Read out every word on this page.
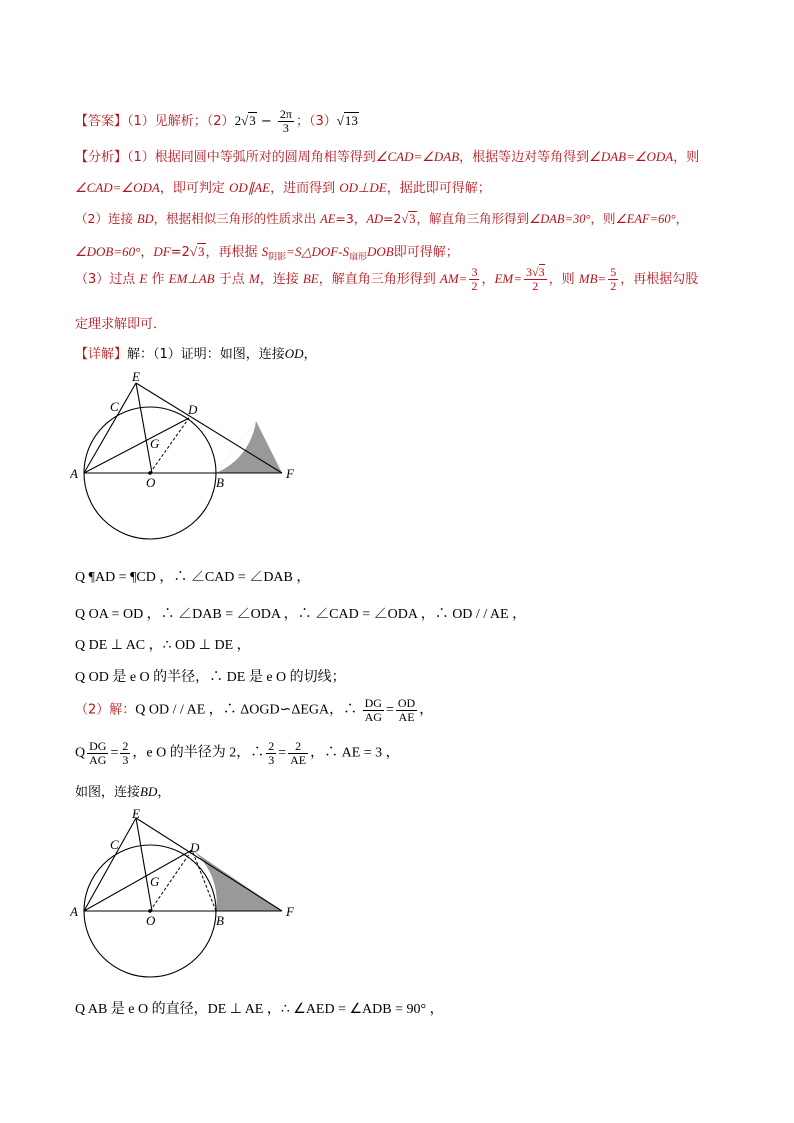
【答案】（1）见解析；$(2)2√3 - \frac{2\pi}{3}$ ；（3）√13
【分析】（1）根据同圆中等弧所对的圆周角相等得到∠CAD=∠DAB，根据等边对等角得到∠DAB=∠ODA，则
∠CAD=∠ODA，即可判定 OD∥AE，进而得到 OD⊥DE，据此即可得解；
（2）连接 BD，根据相似三角形的性质求出 AE=3，AD=2√3，解直角三角形得到∠DAB=30°，则∠EAF=60°，
∠DOB=60°，DF=2√3，再根据 $S_{阴影}=S\triangle DOF-S_{扇形}DOB$即可得解；
（3）过点 E 作 EM⊥AB 于点 M，连接 BE，解直角三角形得到 $AM= \frac{3}{2}$ ，$EM= \frac{3√3}{2}$ ，则 $MB= \frac{5}{2}$ ，再根据勾股
定理求解即可．
【详解】解：（1）证明：如图，连接OD，
A
B
C	D
E
F
G
O
Q ¶AD = ¶CD ，∴ ∠CAD = ∠DAB ，
Q OA = OD ，∴ ∠DAB = ∠ODA ，∴ ∠CAD = ∠ODA ，∴ OD / / AE ，
Q DE ⊥ AC ，∴ OD ⊥ DE ，
Q OD 是 e O 的半径，∴ DE 是 e O 的切线；
（2）解：Q OD / / AE ，∴ ΔOGD∽ΔEGA，∴ $\frac{DG}{AG} = \frac{OD}{AE}$ ，
Q $\frac{DG}{AG} = \frac{2}{3}$ ，e O 的半径为 2，∴ $\frac{2}{3} = \frac{2}{AE}$ ，∴ AE = 3 ，
如图，连接BD，
A
B
C	D
E
F
G
O
Q AB 是 e O 的直径，DE ⊥ AE ，∴ ∠AED = ∠ADB = 90° ，
